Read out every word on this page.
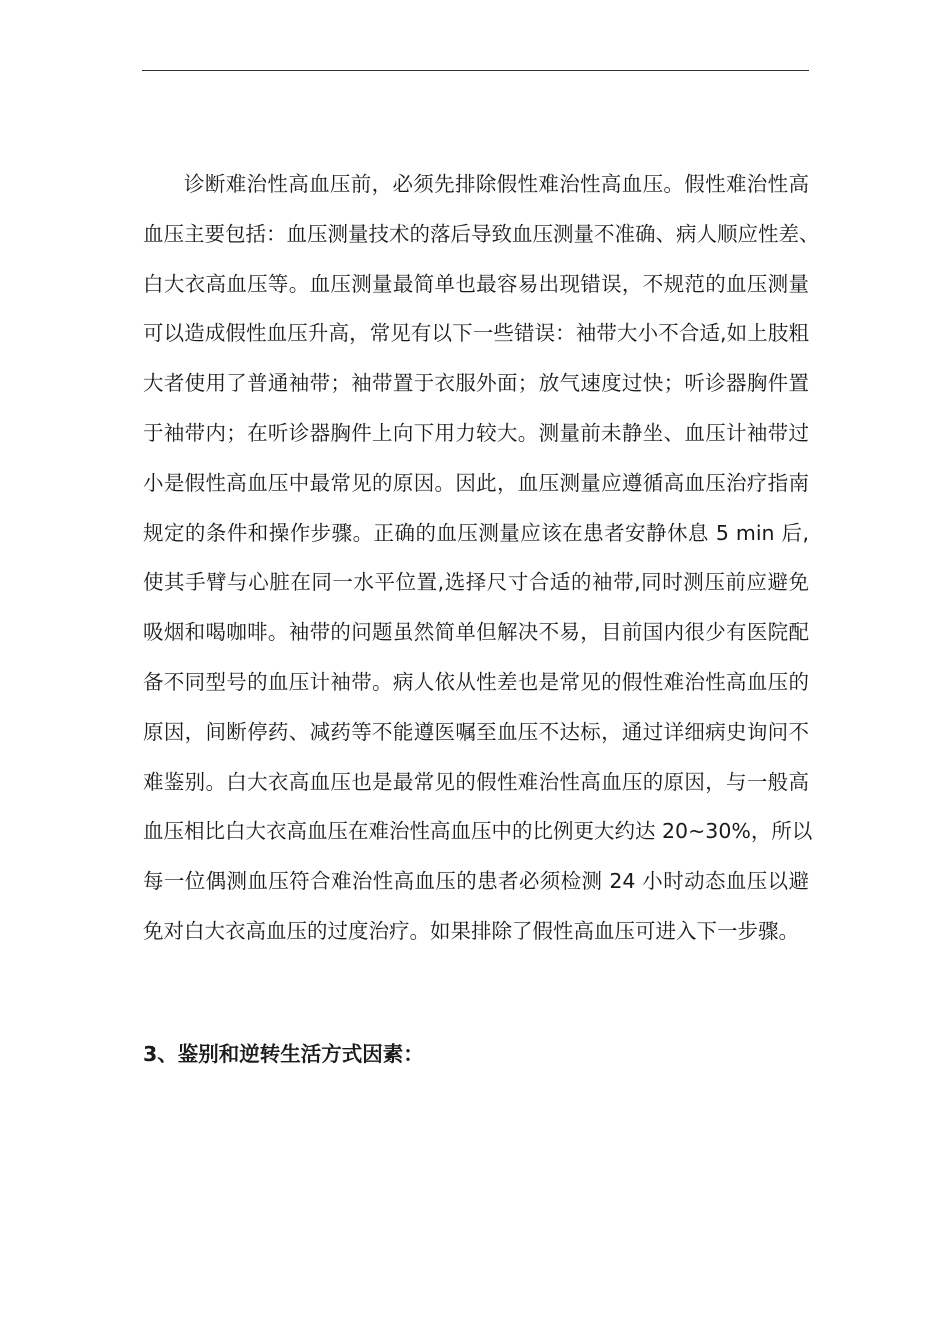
诊断难治性高血压前，必须先排除假性难治性高血压。假性难治性高
血压主要包括：血压测量技术的落后导致血压测量不准确、病人顺应性差、
白大衣高血压等。血压测量最简单也最容易出现错误，不规范的血压测量
可以造成假性血压升高，常见有以下一些错误：袖带大小不合适,如上肢粗
大者使用了普通袖带；袖带置于衣服外面；放气速度过快；听诊器胸件置
于袖带内；在听诊器胸件上向下用力较大。测量前未静坐、血压计袖带过
小是假性高血压中最常见的原因。因此，血压测量应遵循高血压治疗指南
规定的条件和操作步骤。正确的血压测量应该在患者安静休息 5 min 后,
使其手臂与心脏在同一水平位置,选择尺寸合适的袖带,同时测压前应避免
吸烟和喝咖啡。袖带的问题虽然简单但解决不易，目前国内很少有医院配
备不同型号的血压计袖带。病人依从性差也是常见的假性难治性高血压的
原因，间断停药、减药等不能遵医嘱至血压不达标，通过详细病史询问不
难鉴别。白大衣高血压也是最常见的假性难治性高血压的原因，与一般高
血压相比白大衣高血压在难治性高血压中的比例更大约达 20~30%，所以
每一位偶测血压符合难治性高血压的患者必须检测 24 小时动态血压以避
免对白大衣高血压的过度治疗。如果排除了假性高血压可进入下一步骤。
3、鉴别和逆转生活方式因素：
